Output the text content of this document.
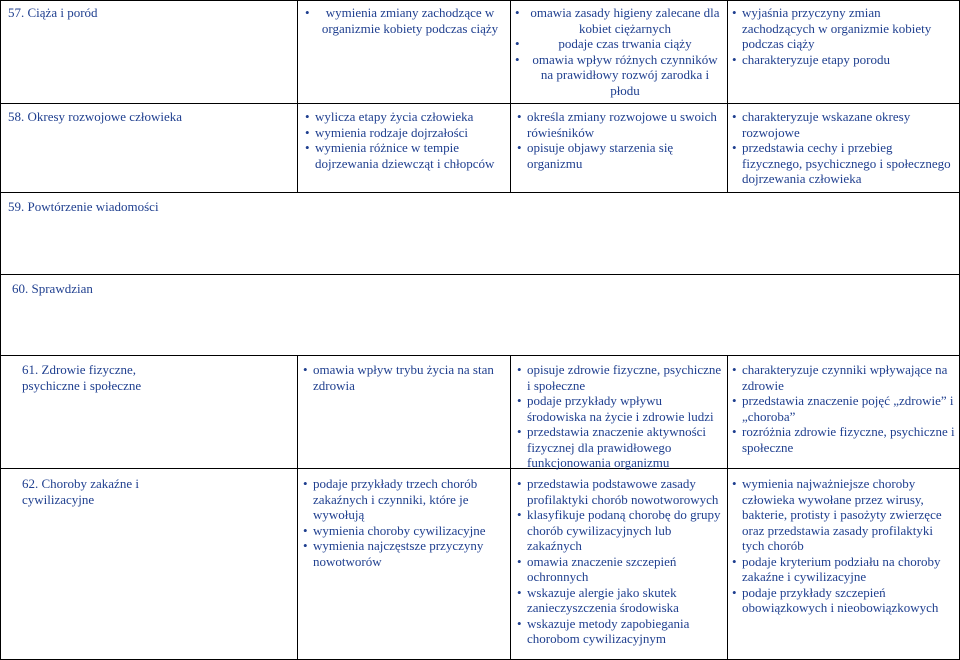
57. Ciąża i poród	• wymienia zmiany zachodzące w organizmie kobiety podczas ciąży
• omawia zasady higieny zalecane dla kobiet ciężarnych
• podaje czas trwania ciąży
• omawia wpływ różnych czynników na prawidłowy rozwój zarodka i płodu
• wyjaśnia przyczyny zmian zachodzących w organizmie kobiety podczas ciąży
• charakteryzuje etapy porodu
58. Okresy rozwojowe człowieka	• wylicza etapy życia człowieka
• wymienia rodzaje dojrzałości
• wymienia różnice w tempie dojrzewania dziewcząt i chłopców
• określa zmiany rozwojowe u swoich rówieśników
• opisuje objawy starzenia się organizmu
• charakteryzuje wskazane okresy rozwojowe
• przedstawia cechy i przebieg fizycznego, psychicznego i społecznego dojrzewania człowieka
59. Powtórzenie wiadomości
60. Sprawdzian
61. Zdrowie fizyczne, psychiczne i społeczne
• omawia wpływ trybu życia na stan zdrowia
• opisuje zdrowie fizyczne, psychiczne i społeczne
• podaje przykłady wpływu środowiska na życie i zdrowie ludzi
• przedstawia znaczenie aktywności fizycznej dla prawidłowego funkcjonowania organizmu
• charakteryzuje czynniki wpływające na zdrowie
• przedstawia znaczenie pojęć „zdrowie” i „choroba”
• rozróżnia zdrowie fizyczne, psychiczne i społeczne
62. Choroby zakaźne i cywilizacyjne
• podaje przykłady trzech chorób zakaźnych i czynniki, które je wywołują
• wymienia choroby cywilizacyjne
• wymienia najczęstsze przyczyny nowotworów
• przedstawia podstawowe zasady profilaktyki chorób nowotworowych
• klasyfikuje podaną chorobę do grupy chorób cywilizacyjnych lub zakaźnych
• omawia znaczenie szczepień ochronnych
• wskazuje alergie jako skutek zanieczyszczenia środowiska
• wskazuje metody zapobiegania chorobom cywilizacyjnym
• wymienia najważniejsze choroby człowieka wywołane przez wirusy, bakterie, protisty i pasożyty zwierzęce oraz przedstawia zasady profilaktyki tych chorób
• podaje kryterium podziału na choroby zakaźne i cywilizacyjne
• podaje przykłady szczepień obowiązkowych i nieobowiązkowych
